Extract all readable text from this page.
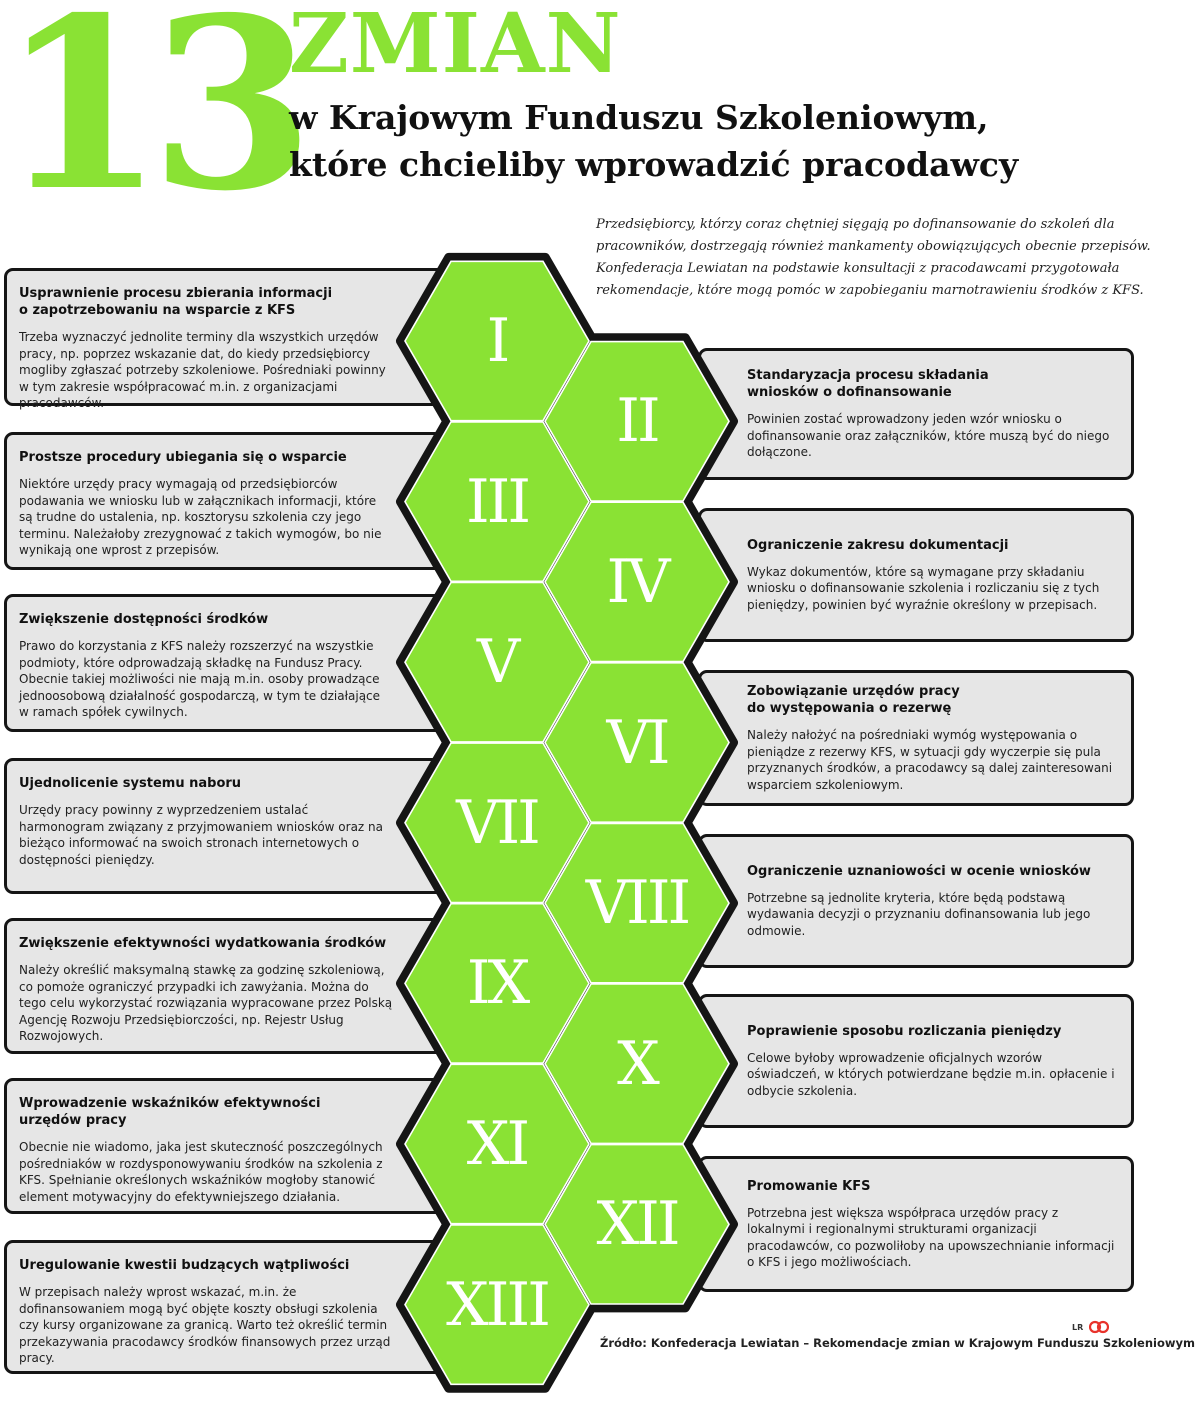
13
ZMIAN
w Krajowym Funduszu Szkoleniowym,
które chcieliby wprowadzić pracodawcy
Przedsiębiorcy, którzy coraz chętniej sięgają po dofinansowanie do szkoleń dla pracowników, dostrzegają również mankamenty obowiązujących obecnie przepisów. Konfederacja Lewiatan na podstawie konsultacji z pracodawcami przygotowała rekomendacje, które mogą pomóc w zapobieganiu marnotrawieniu środków z KFS.
Usprawnienie procesu zbierania informacji
o zapotrzebowaniu na wsparcie z KFS
Trzeba wyznaczyć jednolite terminy dla wszystkich urzędów pracy, np. poprzez wskazanie dat, do kiedy przedsiębiorcy mogliby zgłaszać potrzeby szkoleniowe. Pośredniaki powinny w tym zakresie współpracować m.in. z organizacjami pracodawców.
Prostsze procedury ubiegania się o wsparcie
Niektóre urzędy pracy wymagają od przedsiębiorców podawania we wniosku lub w załącznikach informacji, które są trudne do ustalenia, np. kosztorysu szkolenia czy jego terminu. Należałoby zrezygnować z takich wymogów, bo nie wynikają one wprost z przepisów.
Zwiększenie dostępności środków
Prawo do korzystania z KFS należy rozszerzyć na wszystkie podmioty, które odprowadzają składkę na Fundusz Pracy. Obecnie takiej możliwości nie mają m.in. osoby prowadzące jednoosobową działalność gospodarczą, w tym te działające w ramach spółek cywilnych.
Ujednolicenie systemu naboru
Urzędy pracy powinny z wyprzedzeniem ustalać harmonogram związany z przyjmowaniem wniosków oraz na bieżąco informować na swoich stronach internetowych o dostępności pieniędzy.
Zwiększenie efektywności wydatkowania środków
Należy określić maksymalną stawkę za godzinę szkoleniową, co pomoże ograniczyć przypadki ich zawyżania. Można do tego celu wykorzystać rozwiązania wypracowane przez Polską Agencję Rozwoju Przedsiębiorczości, np. Rejestr Usług Rozwojowych.
Wprowadzenie wskaźników efektywności
urzędów pracy
Obecnie nie wiadomo, jaka jest skuteczność poszczególnych pośredniaków w rozdysponowywaniu środków na szkolenia z KFS. Spełnianie określonych wskaźników mogłoby stanowić element motywacyjny do efektywniejszego działania.
Uregulowanie kwestii budzących wątpliwości
W przepisach należy wprost wskazać, m.in. że dofinansowaniem mogą być objęte koszty obsługi szkolenia czy kursy organizowane za granicą. Warto też określić termin przekazywania pracodawcy środków finansowych przez urząd pracy.
Standaryzacja procesu składania
wniosków o dofinansowanie
Powinien zostać wprowadzony jeden wzór wniosku o dofinansowanie oraz załączników, które muszą być do niego dołączone.
Ograniczenie zakresu dokumentacji
Wykaz dokumentów, które są wymagane przy składaniu wniosku o dofinansowanie szkolenia i rozliczaniu się z tych pieniędzy, powinien być wyraźnie określony w przepisach.
Zobowiązanie urzędów pracy
do występowania o rezerwę
Należy nałożyć na pośredniaki wymóg występowania o pieniądze z rezerwy KFS, w sytuacji gdy wyczerpie się pula przyznanych środków, a pracodawcy są dalej zainteresowani wsparciem szkoleniowym.
Ograniczenie uznaniowości w ocenie wniosków
Potrzebne są jednolite kryteria, które będą podstawą wydawania decyzji o przyznaniu dofinansowania lub jego odmowie.
Poprawienie sposobu rozliczania pieniędzy
Celowe byłoby wprowadzenie oficjalnych wzorów oświadczeń, w których potwierdzane będzie m.in. opłacenie i odbycie szkolenia.
Promowanie KFS
Potrzebna jest większa współpraca urzędów pracy z lokalnymi i regionalnymi strukturami organizacji pracodawców, co pozwoliłoby na upowszechnianie informacji o KFS i jego możliwościach.
I
II
III
IV
V
VI
VII
VIII
IX
X
XI
XII
XIII	LR
Źródło: Konfederacja Lewiatan – Rekomendacje zmian w Krajowym Funduszu Szkoleniowym
